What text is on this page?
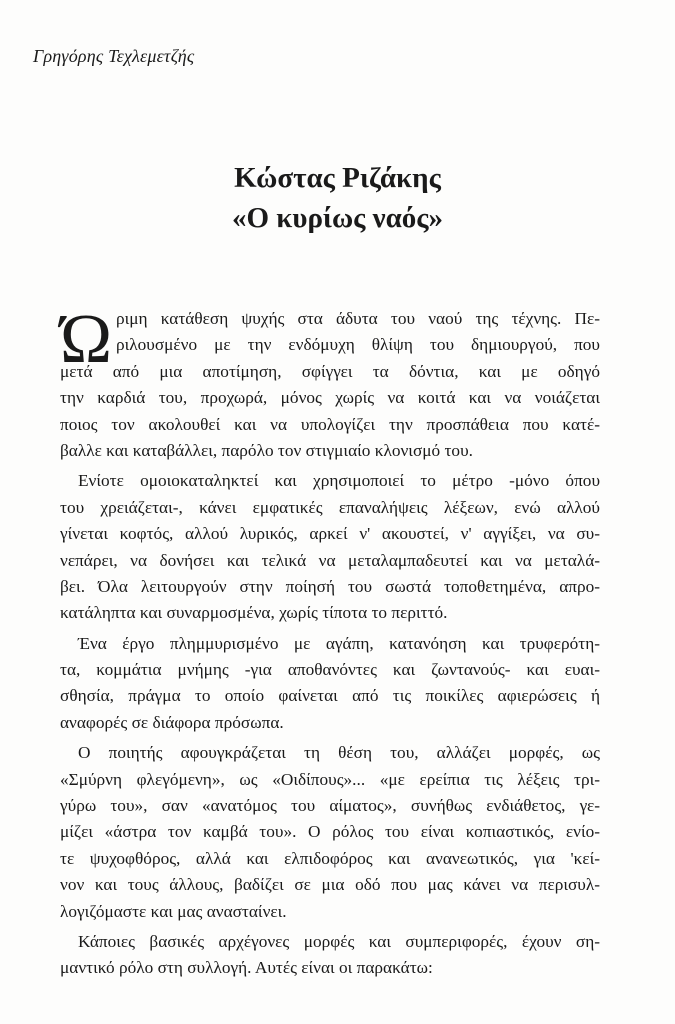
Γρηγόρης Τεχλεμετζής
Κώστας Ριζάκης
«Ο κυρίως ναός»
Ώ ριμη κατάθεση ψυχής στα άδυτα του ναού της τέχνης. Πε-
ριλουσμένο με την ενδόμυχη θλίψη του δημιουργού, που
μετά από μια αποτίμηση, σφίγγει τα δόντια, και με οδηγό
την καρδιά του, προχωρά, μόνος χωρίς να κοιτά και να νοιάζεται
ποιος τον ακολουθεί και να υπολογίζει την προσπάθεια που κατέ-
βαλλε και καταβάλλει, παρόλο τον στιγμιαίο κλονισμό του.
Ενίοτε ομοιοκαταληκτεί και χρησιμοποιεί το μέτρο -μόνο όπου
του χρειάζεται-, κάνει εμφατικές επαναλήψεις λέξεων, ενώ αλλού
γίνεται κοφτός, αλλού λυρικός, αρκεί ν' ακουστεί, ν' αγγίξει, να συ-
νεπάρει, να δονήσει και τελικά να μεταλαμπαδευτεί και να μεταλά-
βει. Όλα λειτουργούν στην ποίησή του σωστά τοποθετημένα, απρο-
κατάληπτα και συναρμοσμένα, χωρίς τίποτα το περιττό.
Ένα έργο πλημμυρισμένο με αγάπη, κατανόηση και τρυφερότη-
τα, κομμάτια μνήμης -για αποθανόντες και ζωντανούς- και ευαι-
σθησία, πράγμα το οποίο φαίνεται από τις ποικίλες αφιερώσεις ή
αναφορές σε διάφορα πρόσωπα.
Ο ποιητής αφουγκράζεται τη θέση του, αλλάζει μορφές, ως
«Σμύρνη φλεγόμενη», ως «Οιδίπους»... «με ερείπια τις λέξεις τρι-
γύρω του», σαν «ανατόμος του αίματος», συνήθως ενδιάθετος, γε-
μίζει «άστρα τον καμβά του». Ο ρόλος του είναι κοπιαστικός, ενίο-
τε ψυχοφθόρος, αλλά και ελπιδοφόρος και ανανεωτικός, για 'κεί-
νον και τους άλλους, βαδίζει σε μια οδό που μας κάνει να περισυλ-
λογιζόμαστε και μας ανασταίνει.
Κάποιες βασικές αρχέγονες μορφές και συμπεριφορές, έχουν ση-
μαντικό ρόλο στη συλλογή. Αυτές είναι οι παρακάτω:
